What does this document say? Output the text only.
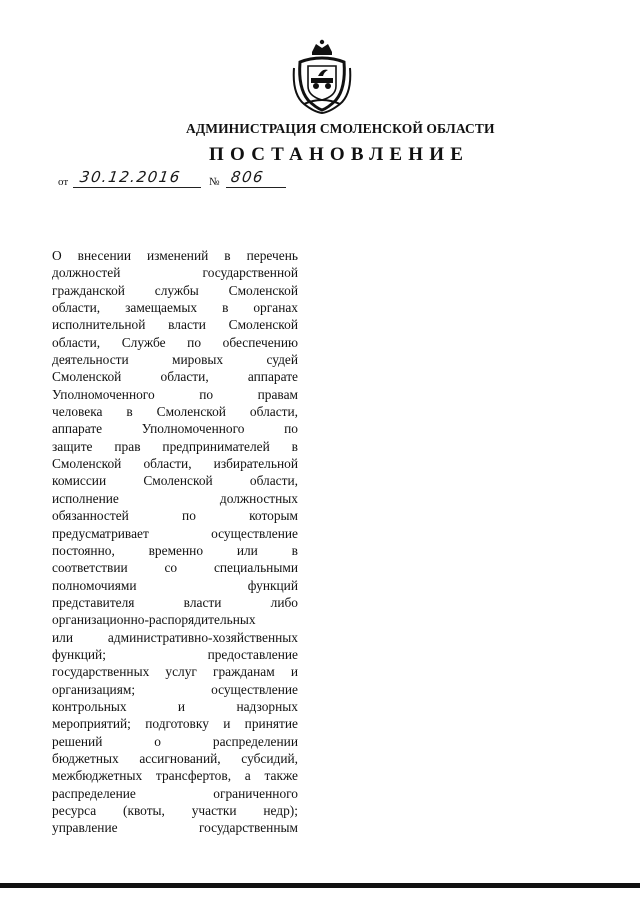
АДМИНИСТРАЦИЯ СМОЛЕНСКОЙ ОБЛАСТИ
ПОСТАНОВЛЕНИЕ
от 30.12.2016 № 806
О внесении изменений в перечень
должностей государственной
гражданской службы Смоленской
области, замещаемых в органах
исполнительной власти Смоленской
области, Службе по обеспечению
деятельности мировых судей
Смоленской области, аппарате
Уполномоченного по правам
человека в Смоленской области,
аппарате Уполномоченного по
защите прав предпринимателей в
Смоленской области, избирательной
комиссии Смоленской области,
исполнение должностных
обязанностей по которым
предусматривает осуществление
постоянно, временно или в
соответствии со специальными
полномочиями функций
представителя власти либо
организационно-распорядительных
или административно-хозяйственных
функций; предоставление
государственных услуг гражданам и
организациям; осуществление
контрольных и надзорных
мероприятий; подготовку и принятие
решений о распределении
бюджетных ассигнований, субсидий,
межбюджетных трансфертов, а также
распределение ограниченного
ресурса (квоты, участки недр);
управление государственным
